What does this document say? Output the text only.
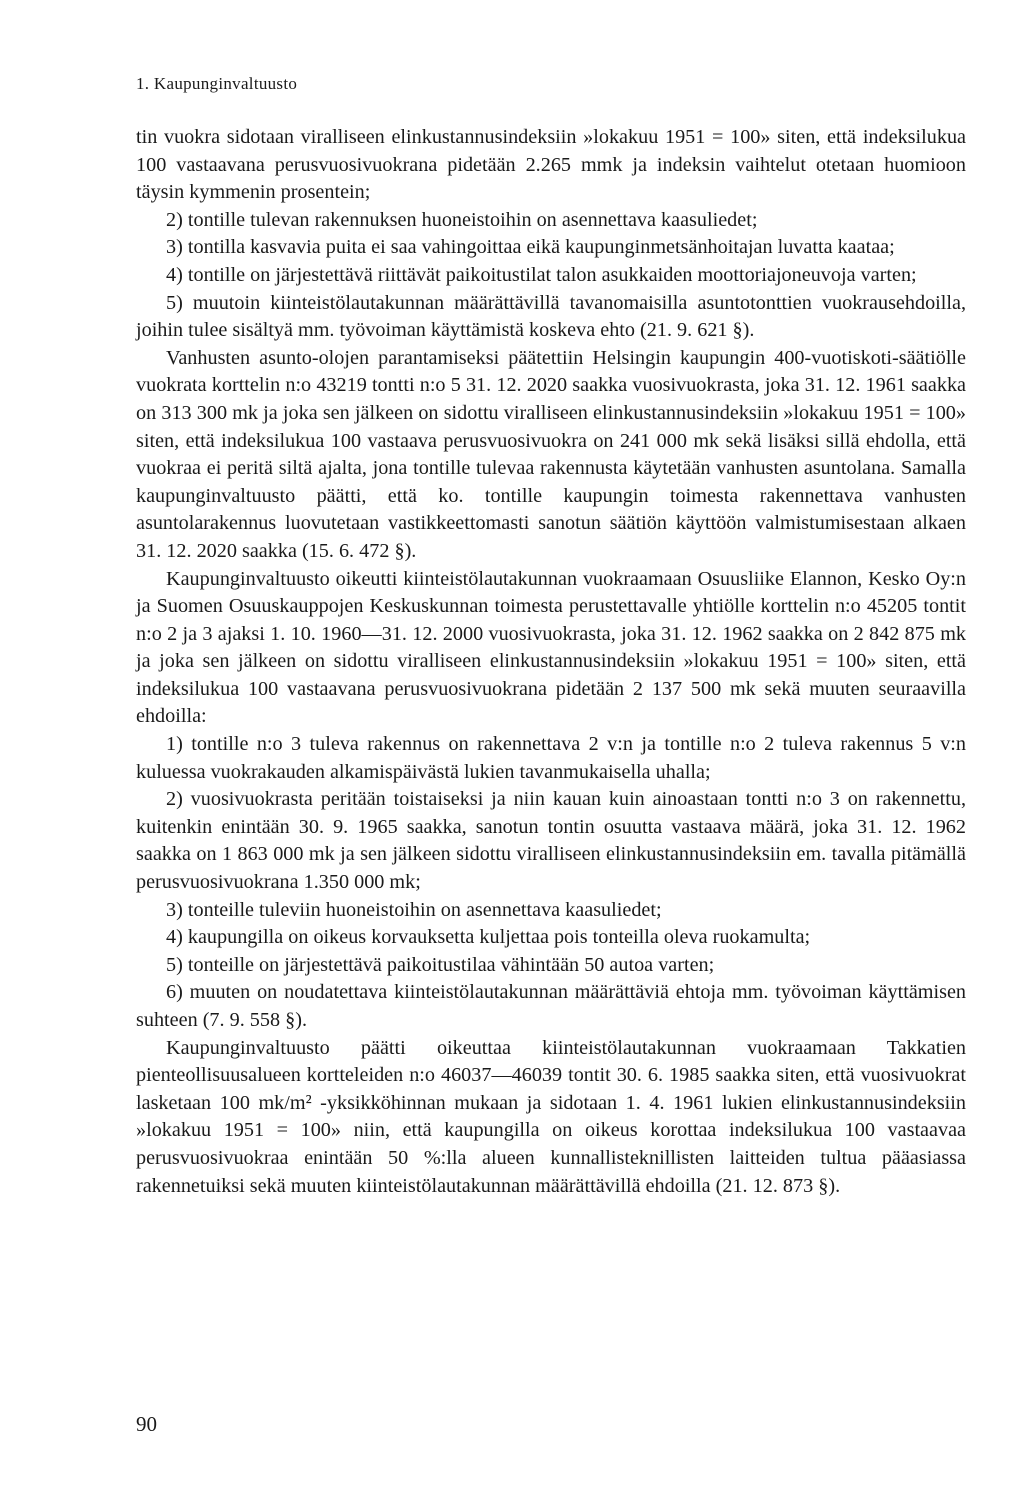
1. Kaupunginvaltuusto

tin vuokra sidotaan viralliseen elinkustannusindeksiin »lokakuu 1951 = 100» siten, että indeksilukua 100 vastaavana perusvuosivuokrana pidetään 2.265 mmk ja indeksin vaihtelut otetaan huomioon täysin kymmenin prosentein;

2) tontille tulevan rakennuksen huoneistoihin on asennettava kaasuliedet;

3) tontilla kasvavia puita ei saa vahingoittaa eikä kaupunginmetsänhoitajan luvatta kaataa;

4) tontille on järjestettävä riittävät paikoitustilat talon asukkaiden moottoriajoneuvoja varten;

5) muutoin kiinteistölautakunnan määrättävillä tavanomaisilla asuntotonttien vuokrausehdoilla, joihin tulee sisältyä mm. työvoiman käyttämistä koskeva ehto (21. 9. 621 §).

Vanhusten asunto-olojen parantamiseksi päätettiin Helsingin kaupungin 400-vuotiskoti-säätiölle vuokrata korttelin n:o 43219 tontti n:o 5 31. 12. 2020 saakka vuosivuokrasta, joka 31. 12. 1961 saakka on 313 300 mk ja joka sen jälkeen on sidottu viralliseen elinkustannusindeksiin »lokakuu 1951 = 100» siten, että indeksilukua 100 vastaava perusvuosivuokra on 241 000 mk sekä lisäksi sillä ehdolla, että vuokraa ei peritä siltä ajalta, jona tontille tulevaa rakennusta käytetään vanhusten asuntolana. Samalla kaupunginvaltuusto päätti, että ko. tontille kaupungin toimesta rakennettava vanhusten asuntolarakennus luovutetaan vastikkeettomasti sanotun säätiön käyttöön valmistumisestaan alkaen 31. 12. 2020 saakka (15. 6. 472 §).

Kaupunginvaltuusto oikeutti kiinteistölautakunnan vuokraamaan Osuusliike Elannon, Kesko Oy:n ja Suomen Osuuskauppojen Keskuskunnan toimesta perustettavalle yhtiölle korttelin n:o 45205 tontit n:o 2 ja 3 ajaksi 1. 10. 1960—31. 12. 2000 vuosivuokrasta, joka 31. 12. 1962 saakka on 2 842 875 mk ja joka sen jälkeen on sidottu viralliseen elinkustannusindeksiin »lokakuu 1951 = 100» siten, että indeksilukua 100 vastaavana perusvuosivuokrana pidetään 2 137 500 mk sekä muuten seuraavilla ehdoilla:

1) tontille n:o 3 tuleva rakennus on rakennettava 2 v:n ja tontille n:o 2 tuleva rakennus 5 v:n kuluessa vuokrakauden alkamispäivästä lukien tavanmukaisella uhalla;

2) vuosivuokrasta peritään toistaiseksi ja niin kauan kuin ainoastaan tontti n:o 3 on rakennettu, kuitenkin enintään 30. 9. 1965 saakka, sanotun tontin osuutta vastaava määrä, joka 31. 12. 1962 saakka on 1 863 000 mk ja sen jälkeen sidottu viralliseen elinkustannusindeksiin em. tavalla pitämällä perusvuosivuokrana 1.350 000 mk;

3) tonteille tuleviin huoneistoihin on asennettava kaasuliedet;

4) kaupungilla on oikeus korvauksetta kuljettaa pois tonteilla oleva ruokamulta;

5) tonteille on järjestettävä paikoitustilaa vähintään 50 autoa varten;

6) muuten on noudatettava kiinteistölautakunnan määrättäviä ehtoja mm. työvoiman käyttämisen suhteen (7. 9. 558 §).

Kaupunginvaltuusto päätti oikeuttaa kiinteistölautakunnan vuokraamaan Takkatien pienteollisuusalueen kortteleiden n:o 46037—46039 tontit 30. 6. 1985 saakka siten, että vuosivuokrat lasketaan 100 mk/m² -yksikköhinnan mukaan ja sidotaan 1. 4. 1961 lukien elinkustannusindeksiin »lokakuu 1951 = 100» niin, että kaupungilla on oikeus korottaa indeksilukua 100 vastaavaa perusvuosivuokraa enintään 50 %:lla alueen kunnallisteknillisten laitteiden tultua pääasiassa rakennetuiksi sekä muuten kiinteistölautakunnan määrättävillä ehdoilla (21. 12. 873 §).

90
